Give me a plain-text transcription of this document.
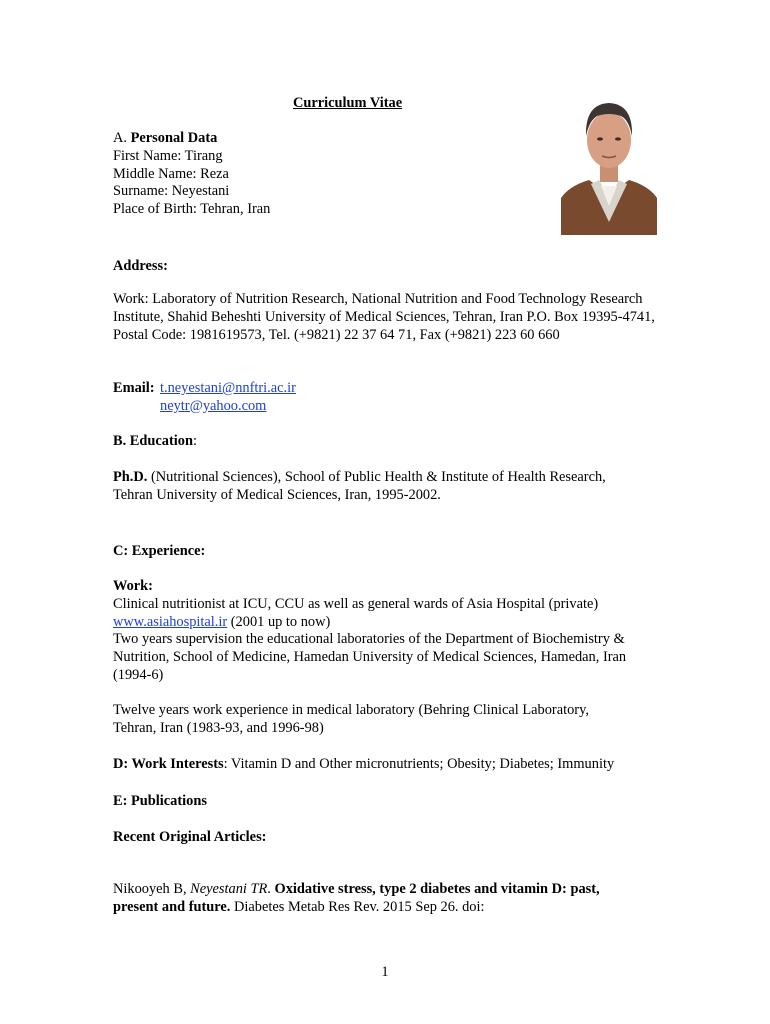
Curriculum Vitae
A. Personal Data
First Name: Tirang
Middle Name: Reza
Surname: Neyestani
Place of Birth: Tehran, Iran
Address:
Work: Laboratory of Nutrition Research, National Nutrition and Food Technology Research Institute, Shahid Beheshti University of Medical Sciences, Tehran, Iran P.O. Box 19395-4741, Postal Code: 1981619573, Tel. (+9821) 22 37 64 71, Fax (+9821) 223 60 660
Email: t.neyestani@nnftri.ac.ir
neytr@yahoo.com
B. Education:
Ph.D. (Nutritional Sciences), School of Public Health & Institute of Health Research, Tehran University of Medical Sciences, Iran, 1995-2002.
C: Experience:
Work:
Clinical nutritionist at ICU, CCU as well as general wards of Asia Hospital (private)
www.asiahospital.ir (2001 up to now)
Two years supervision the educational laboratories of the Department of Biochemistry & Nutrition, School of Medicine, Hamedan University of Medical Sciences, Hamedan, Iran (1994-6)
Twelve years work experience in medical laboratory (Behring Clinical Laboratory, Tehran, Iran (1983-93, and 1996-98)
D: Work Interests: Vitamin D and Other micronutrients; Obesity; Diabetes; Immunity
E: Publications
Recent Original Articles:
Nikooyeh B, Neyestani TR. Oxidative stress, type 2 diabetes and vitamin D: past, present and future. Diabetes Metab Res Rev. 2015 Sep 26. doi:
1
